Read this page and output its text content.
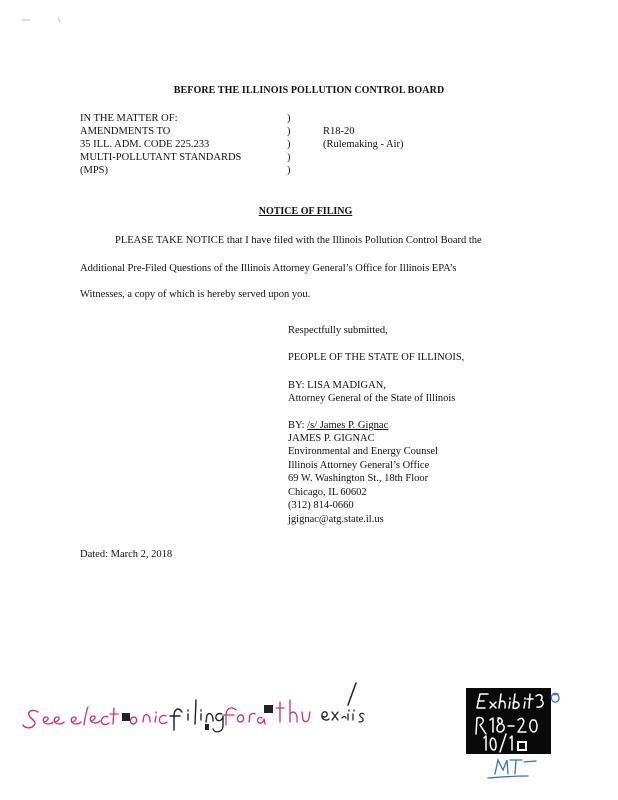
BEFORE THE ILLINOIS POLLUTION CONTROL BOARD
IN THE MATTER OF:
AMENDMENTS TO
35 ILL. ADM. CODE 225.233
MULTI-POLLUTANT STANDARDS
(MPS)
)
)
)
)
)
R18-20
(Rulemaking - Air)
NOTICE OF FILING
PLEASE TAKE NOTICE that I have filed with the Illinois Pollution Control Board the
Additional Pre-Filed Questions of the Illinois Attorney General’s Office for Illinois EPA’s
Witnesses, a copy of which is hereby served upon you.
Respectfully submitted,
PEOPLE OF THE STATE OF ILLINOIS,
BY: LISA MADIGAN,
Attorney General of the State of Illinois
BY: /s/ James P. Gignac
JAMES P. GIGNAC
Environmental and Energy Counsel
Illinois Attorney General’s Office
69 W. Washington St., 18th Floor
Chicago, IL 60602
(312) 814-0660
jgignac@atg.state.il.us
Dated: March 2, 2018
